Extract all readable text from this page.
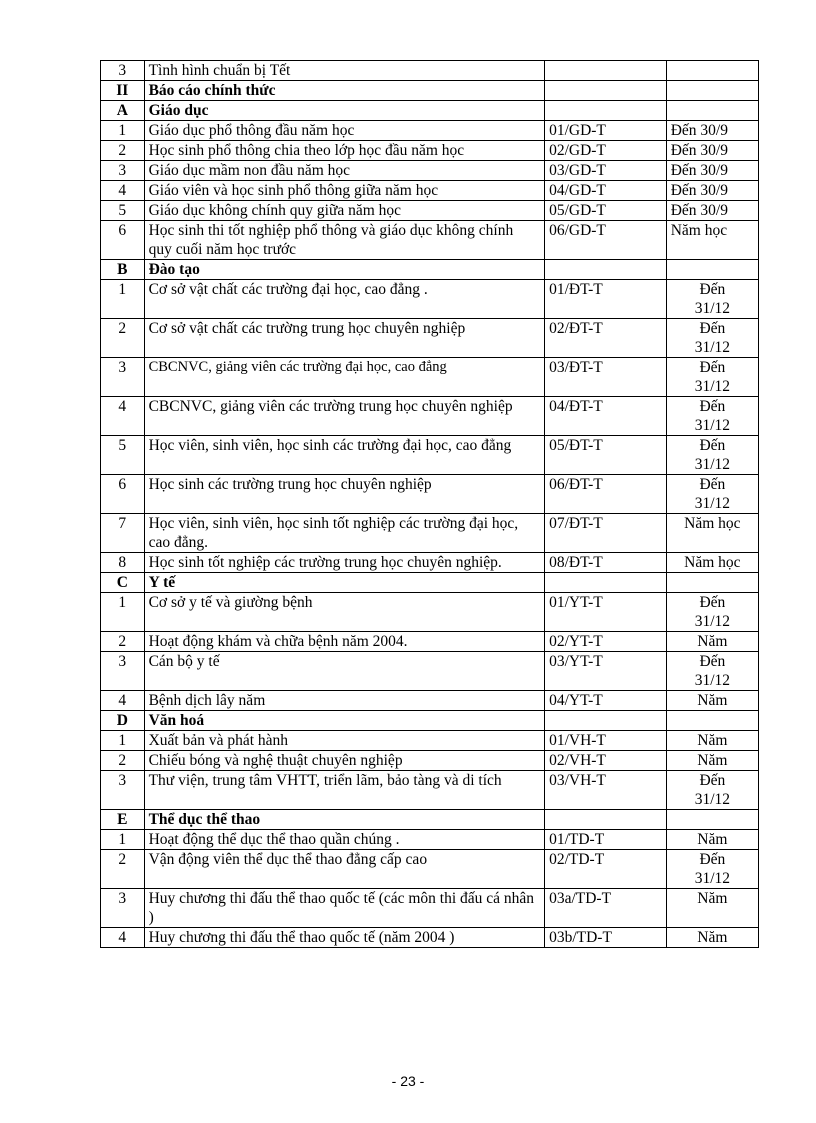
3	Tình hình chuẩn bị Tết		
II	Báo cáo chính thức		
A	Giáo dục		
1	Giáo dục phổ thông đầu năm học	01/GD-T	Đến 30/9
2	Học sinh phổ thông chia theo lớp học đầu năm học	02/GD-T	Đến 30/9
3	Giáo dục mầm non đầu năm học	03/GD-T	Đến 30/9
4	Giáo viên và học sinh phổ thông giữa năm học	04/GD-T	Đến 30/9
5	Giáo dục không chính quy giữa năm học	05/GD-T	Đến 30/9
6	Học sinh thi tốt nghiệp phổ thông và giáo dục không chính quy cuối năm học trước	06/GD-T	Năm học
B	Đào tạo		
1	Cơ sở vật chất các trường đại học, cao đẳng .	01/ĐT-T	Đến
31/12
2	Cơ sở vật chất các trường trung học chuyên nghiệp	02/ĐT-T	Đến
31/12
3	CBCNVC, giảng viên các trường đại học, cao đẳng	03/ĐT-T	Đến
31/12
4	CBCNVC, giảng viên các trường trung học chuyên nghiệp	04/ĐT-T	Đến
31/12
5	Học viên, sinh viên, học sinh các trường đại học, cao đẳng	05/ĐT-T	Đến
31/12
6	Học sinh các trường trung học chuyên nghiệp	06/ĐT-T	Đến
31/12
7	Học viên, sinh viên, học sinh tốt nghiệp các trường đại học, cao đẳng.	07/ĐT-T	Năm học
8	Học sinh tốt nghiệp các trường trung học chuyên nghiệp.	08/ĐT-T	Năm học
C	Y tế		
1	Cơ sở y tế và giường bệnh	01/YT-T	Đến
31/12
2	Hoạt động khám và chữa bệnh năm 2004.	02/YT-T	Năm
3	Cán bộ y tế	03/YT-T	Đến
31/12
4	Bệnh dịch lây năm	04/YT-T	Năm
D	Văn hoá		
1	Xuất bản và phát hành	01/VH-T	Năm
2	Chiếu bóng và nghệ thuật chuyên nghiệp	02/VH-T	Năm
3	Thư viện, trung tâm VHTT, triển lãm, bảo tàng và di tích	03/VH-T	Đến
31/12
E	Thể dục thể thao		
1	Hoạt động thể dục thể thao quần chúng .	01/TD-T	Năm
2	Vận động viên thể dục thể thao đẳng cấp cao	02/TD-T	Đến
31/12
3	Huy chương thi đấu thể thao quốc tế (các môn thi đấu cá nhân )	03a/TD-T	Năm
4	Huy chương thi đấu thể thao quốc tế (năm 2004 )	03b/TD-T	Năm
- 23 -
